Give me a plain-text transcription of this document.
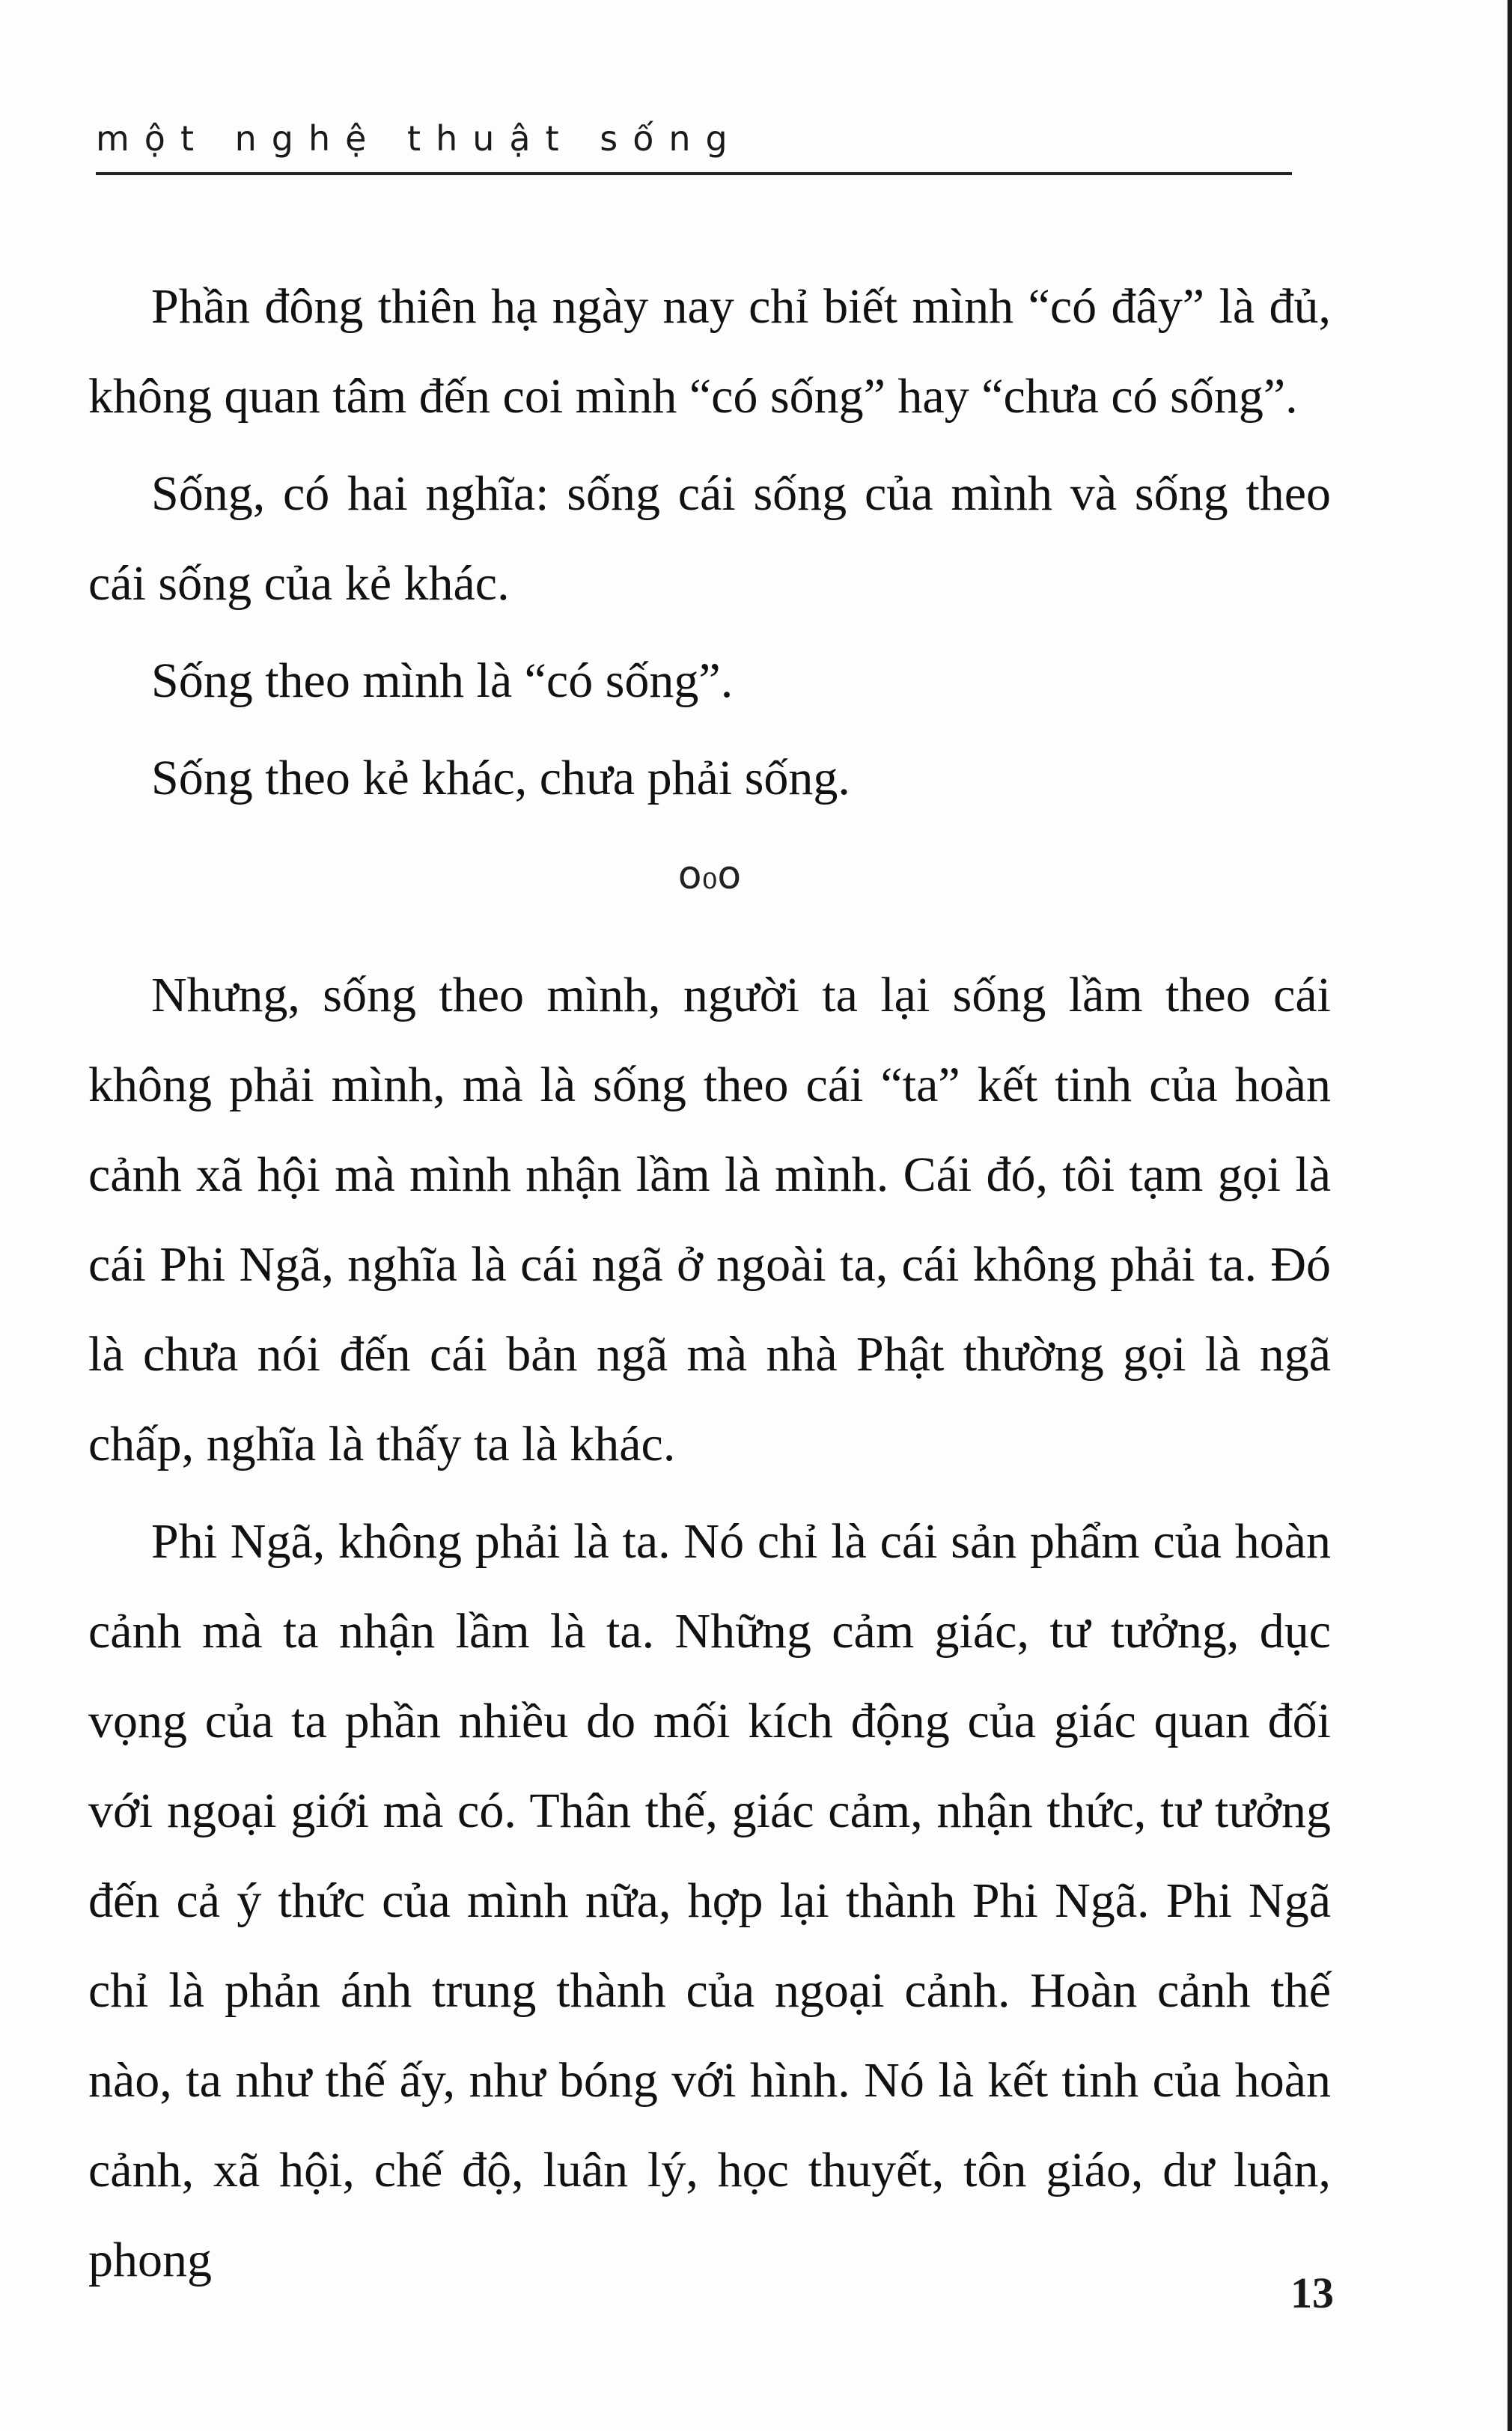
một nghệ thuật sống

Phần đông thiên hạ ngày nay chỉ biết mình “có đây” là đủ, không quan tâm đến coi mình “có sống” hay “chưa có sống”.

Sống, có hai nghĩa: sống cái sống của mình và sống theo cái sống của kẻ khác.

Sống theo mình là “có sống”.

Sống theo kẻ khác, chưa phải sống.

o₀o

Nhưng, sống theo mình, người ta lại sống lầm theo cái không phải mình, mà là sống theo cái “ta” kết tinh của hoàn cảnh xã hội mà mình nhận lầm là mình. Cái đó, tôi tạm gọi là cái Phi Ngã, nghĩa là cái ngã ở ngoài ta, cái không phải ta. Đó là chưa nói đến cái bản ngã mà nhà Phật thường gọi là ngã chấp, nghĩa là thấy ta là khác.

Phi Ngã, không phải là ta. Nó chỉ là cái sản phẩm của hoàn cảnh mà ta nhận lầm là ta. Những cảm giác, tư tưởng, dục vọng của ta phần nhiều do mối kích động của giác quan đối với ngoại giới mà có. Thân thế, giác cảm, nhận thức, tư tưởng đến cả ý thức của mình nữa, hợp lại thành Phi Ngã. Phi Ngã chỉ là phản ánh trung thành của ngoại cảnh. Hoàn cảnh thế nào, ta như thế ấy, như bóng với hình. Nó là kết tinh của hoàn cảnh, xã hội, chế độ, luân lý, học thuyết, tôn giáo, dư luận, phong

13
